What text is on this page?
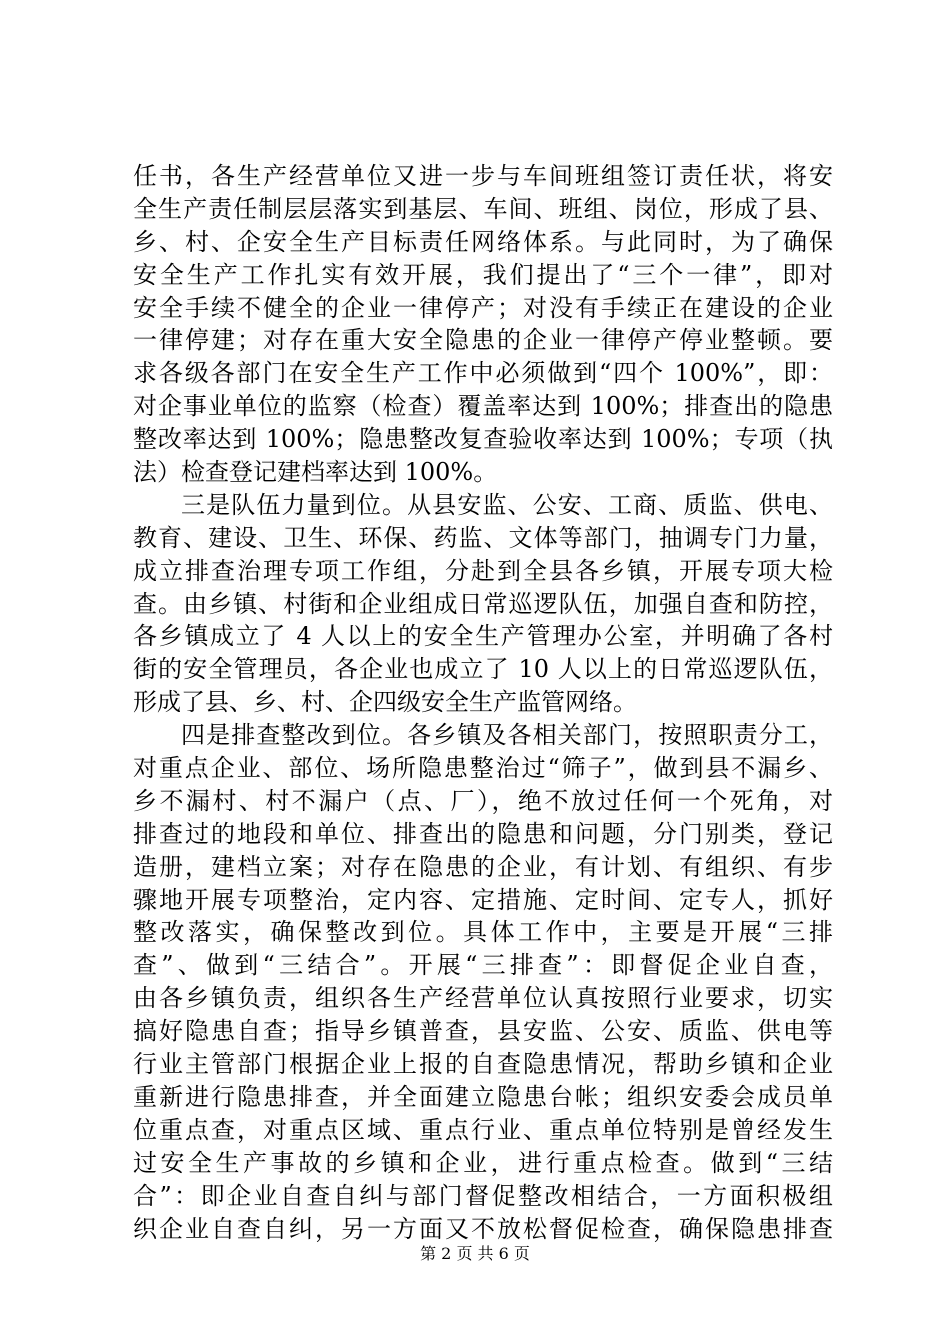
任书，各生产经营单位又进一步与车间班组签订责任状，将安
全生产责任制层层落实到基层、车间、班组、岗位，形成了县、
乡、村、企安全生产目标责任网络体系。与此同时，为了确保
安全生产工作扎实有效开展，我们提出了“三个一律”，即对
安全手续不健全的企业一律停产；对没有手续正在建设的企业
一律停建；对存在重大安全隐患的企业一律停产停业整顿。要
求各级各部门在安全生产工作中必须做到“四个 100%”，即：
对企事业单位的监察（检查）覆盖率达到 100%；排查出的隐患
整改率达到 100%；隐患整改复查验收率达到 100%；专项（执
法）检查登记建档率达到 100%。
三是队伍力量到位。从县安监、公安、工商、质监、供电、
教育、建设、卫生、环保、药监、文体等部门，抽调专门力量，
成立排查治理专项工作组，分赴到全县各乡镇，开展专项大检
查。由乡镇、村街和企业组成日常巡逻队伍，加强自查和防控，
各乡镇成立了 4 人以上的安全生产管理办公室，并明确了各村
街的安全管理员，各企业也成立了 10 人以上的日常巡逻队伍，
形成了县、乡、村、企四级安全生产监管网络。
四是排查整改到位。各乡镇及各相关部门，按照职责分工，
对重点企业、部位、场所隐患整治过“筛子”，做到县不漏乡、
乡不漏村、村不漏户（点、厂），绝不放过任何一个死角，对
排查过的地段和单位、排查出的隐患和问题，分门别类，登记
造册，建档立案；对存在隐患的企业，有计划、有组织、有步
骤地开展专项整治，定内容、定措施、定时间、定专人，抓好
整改落实，确保整改到位。具体工作中，主要是开展“三排
查”、做到“三结合”。开展“三排查”：即督促企业自查，
由各乡镇负责，组织各生产经营单位认真按照行业要求，切实
搞好隐患自查；指导乡镇普查，县安监、公安、质监、供电等
行业主管部门根据企业上报的自查隐患情况，帮助乡镇和企业
重新进行隐患排查，并全面建立隐患台帐；组织安委会成员单
位重点查，对重点区域、重点行业、重点单位特别是曾经发生
过安全生产事故的乡镇和企业，进行重点检查。做到“三结
合”：即企业自查自纠与部门督促整改相结合，一方面积极组
织企业自查自纠，另一方面又不放松督促检查，确保隐患排查
第 2 页 共 6 页
